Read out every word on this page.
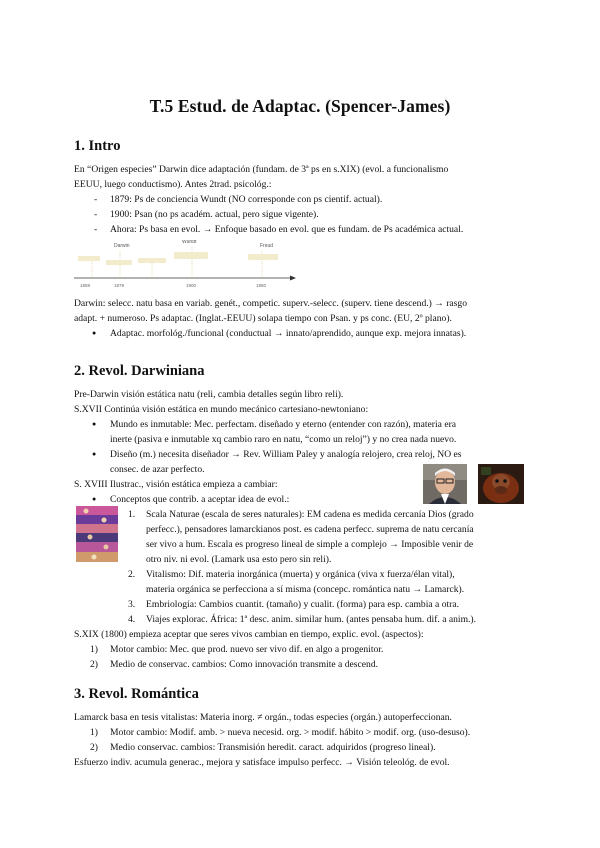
T.5 Estud. de Adaptac. (Spencer-James)
1. Intro
En “Origen especies” Darwin dice adaptación (fundam. de 3ª ps en s.XIX) (evol. a funcionalismo
EEUU, luego conductismo). Antes 2trad. psicológ.:
- 1879: Ps de conciencia Wundt (NO corresponde con ps cientif. actual).
- 1900: Psan (no ps académ. actual, pero sigue vigente).
- Ahora: Ps basa en evol. → Enfoque basado en evol. que es fundam. de Ps académica actual.
Darwin
Wundt
Freud
1859	1879	1900	1950
Darwin: selecc. natu basa en variab. genét., competic. superv.-selecc. (superv. tiene descend.) → rasgo
adapt. + numeroso. Ps adaptac. (Inglat.-EEUU) solapa tiempo con Psan. y ps conc. (EU, 2º plano).
● Adaptac. morfológ./funcional (conductual → innato/aprendido, aunque exp. mejora innatas).
2. Revol. Darwiniana
Pre-Darwin visión estática natu (reli, cambia detalles según libro reli).
S.XVII Continúa visión estática en mundo mecánico cartesiano-newtoniano:
● Mundo es inmutable: Mec. perfectam. diseñado y eterno (entender con razón), materia era
inerte (pasiva e inmutable xq cambio raro en natu, “como un reloj”) y no crea nada nuevo.
● Diseño (m.) necesita diseñador → Rev. William Paley y analogía relojero, crea reloj, NO es
consec. de azar perfecto.
S. XVIII Ilustrac., visión estática empieza a cambiar:
● Conceptos que contrib. a aceptar idea de evol.:
1. Scala Naturae (escala de seres naturales): EM cadena es medida cercanía Dios (grado
perfecc.), pensadores lamarckianos post. es cadena perfecc. suprema de natu cercanía
ser vivo a hum. Escala es progreso lineal de simple a complejo → Imposible venir de
otro niv. ni evol. (Lamark usa esto pero sin reli).
2. Vitalismo: Dif. materia inorgánica (muerta) y orgánica (viva x fuerza/élan vital),
materia orgánica se perfecciona a sí misma (concepc. romántica natu → Lamarck).
3. Embriología: Cambios cuantit. (tamaño) y cualit. (forma) para esp. cambia a otra.
4. Viajes explorac. África: 1ª desc. anim. similar hum. (antes pensaba hum. dif. a anim.).
S.XIX (1800) empieza aceptar que seres vivos cambian en tiempo, explic. evol. (aspectos):
1) Motor cambio: Mec. que prod. nuevo ser vivo dif. en algo a progenitor.
2) Medio de conservac. cambios: Como innovación transmite a descend.
3. Revol. Romántica
Lamarck basa en tesis vitalistas: Materia inorg. ≠ orgán., todas especies (orgán.) autoperfeccionan.
1) Motor cambio: Modif. amb. > nueva necesid. org. > modif. hábito > modif. org. (uso-desuso).
2) Medio conservac. cambios: Transmisión heredit. caract. adquiridos (progreso lineal).
Esfuerzo indiv. acumula generac., mejora y satisface impulso perfecc. → Visión teleológ. de evol.
